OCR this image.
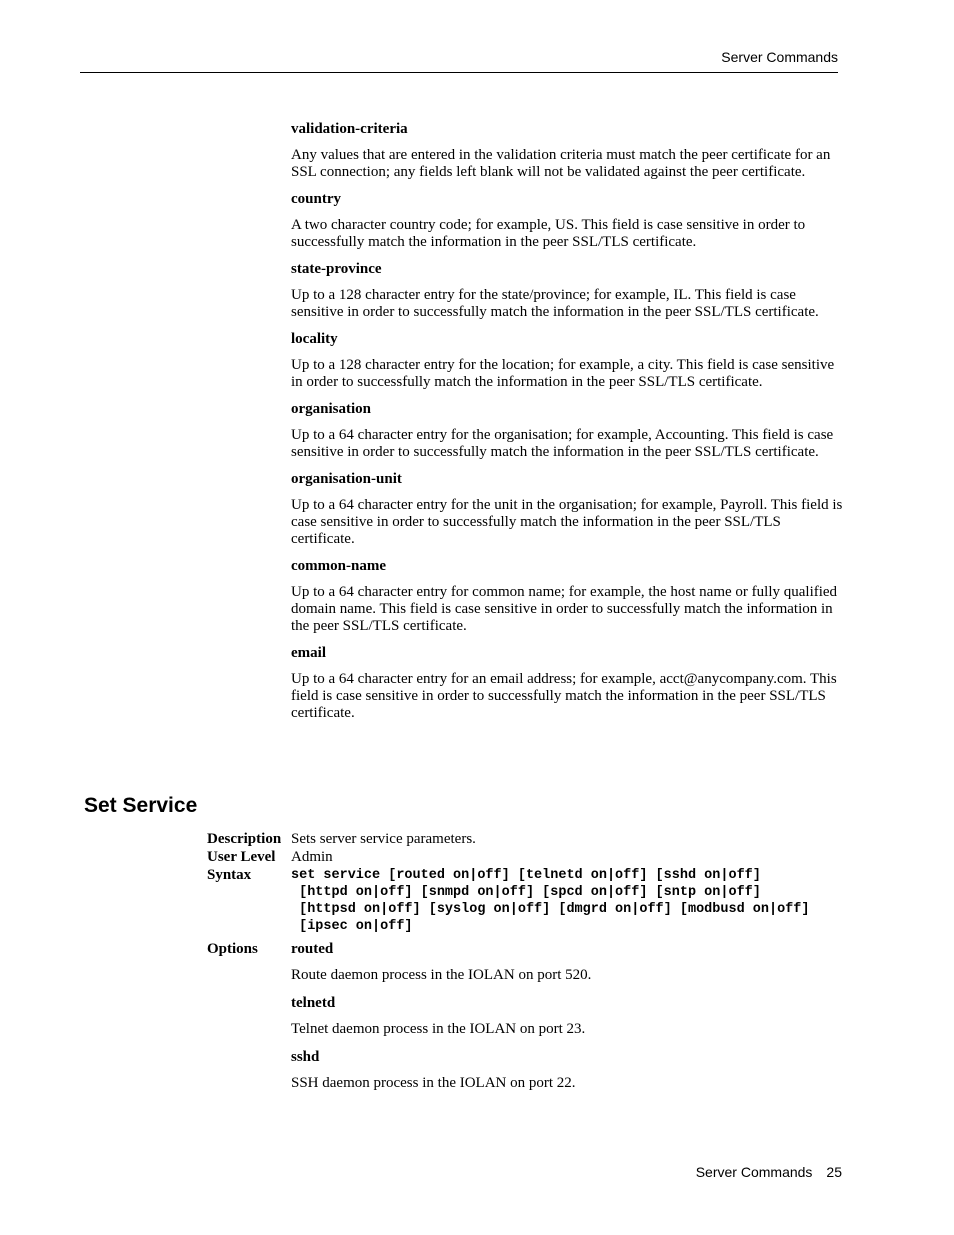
Server Commands
validation-criteria
Any values that are entered in the validation criteria must match the peer certificate for an SSL connection; any fields left blank will not be validated against the peer certificate.
country
A two character country code; for example, US. This field is case sensitive in order to successfully match the information in the peer SSL/TLS certificate.
state-province
Up to a 128 character entry for the state/province; for example, IL. This field is case sensitive in order to successfully match the information in the peer SSL/TLS certificate.
locality
Up to a 128 character entry for the location; for example, a city. This field is case sensitive in order to successfully match the information in the peer SSL/TLS certificate.
organisation
Up to a 64 character entry for the organisation; for example, Accounting. This field is case sensitive in order to successfully match the information in the peer SSL/TLS certificate.
organisation-unit
Up to a 64 character entry for the unit in the organisation; for example, Payroll. This field is case sensitive in order to successfully match the information in the peer SSL/TLS certificate.
common-name
Up to a 64 character entry for common name; for example, the host name or fully qualified domain name. This field is case sensitive in order to successfully match the information in the peer SSL/TLS certificate.
email
Up to a 64 character entry for an email address; for example, acct@anycompany.com. This field is case sensitive in order to successfully match the information in the peer SSL/TLS certificate.
Set Service
Description Sets server service parameters.
User Level Admin
Syntax	set service [routed on|off] [telnetd on|off] [sshd on|off]
[httpd on|off] [snmpd on|off] [spcd on|off] [sntp on|off]
[httpsd on|off] [syslog on|off] [dmgrd on|off] [modbusd on|off]
[ipsec on|off]
Options routed
Route daemon process in the IOLAN on port 520.
telnetd
Telnet daemon process in the IOLAN on port 23.
sshd
SSH daemon process in the IOLAN on port 22.
Server Commands 25
